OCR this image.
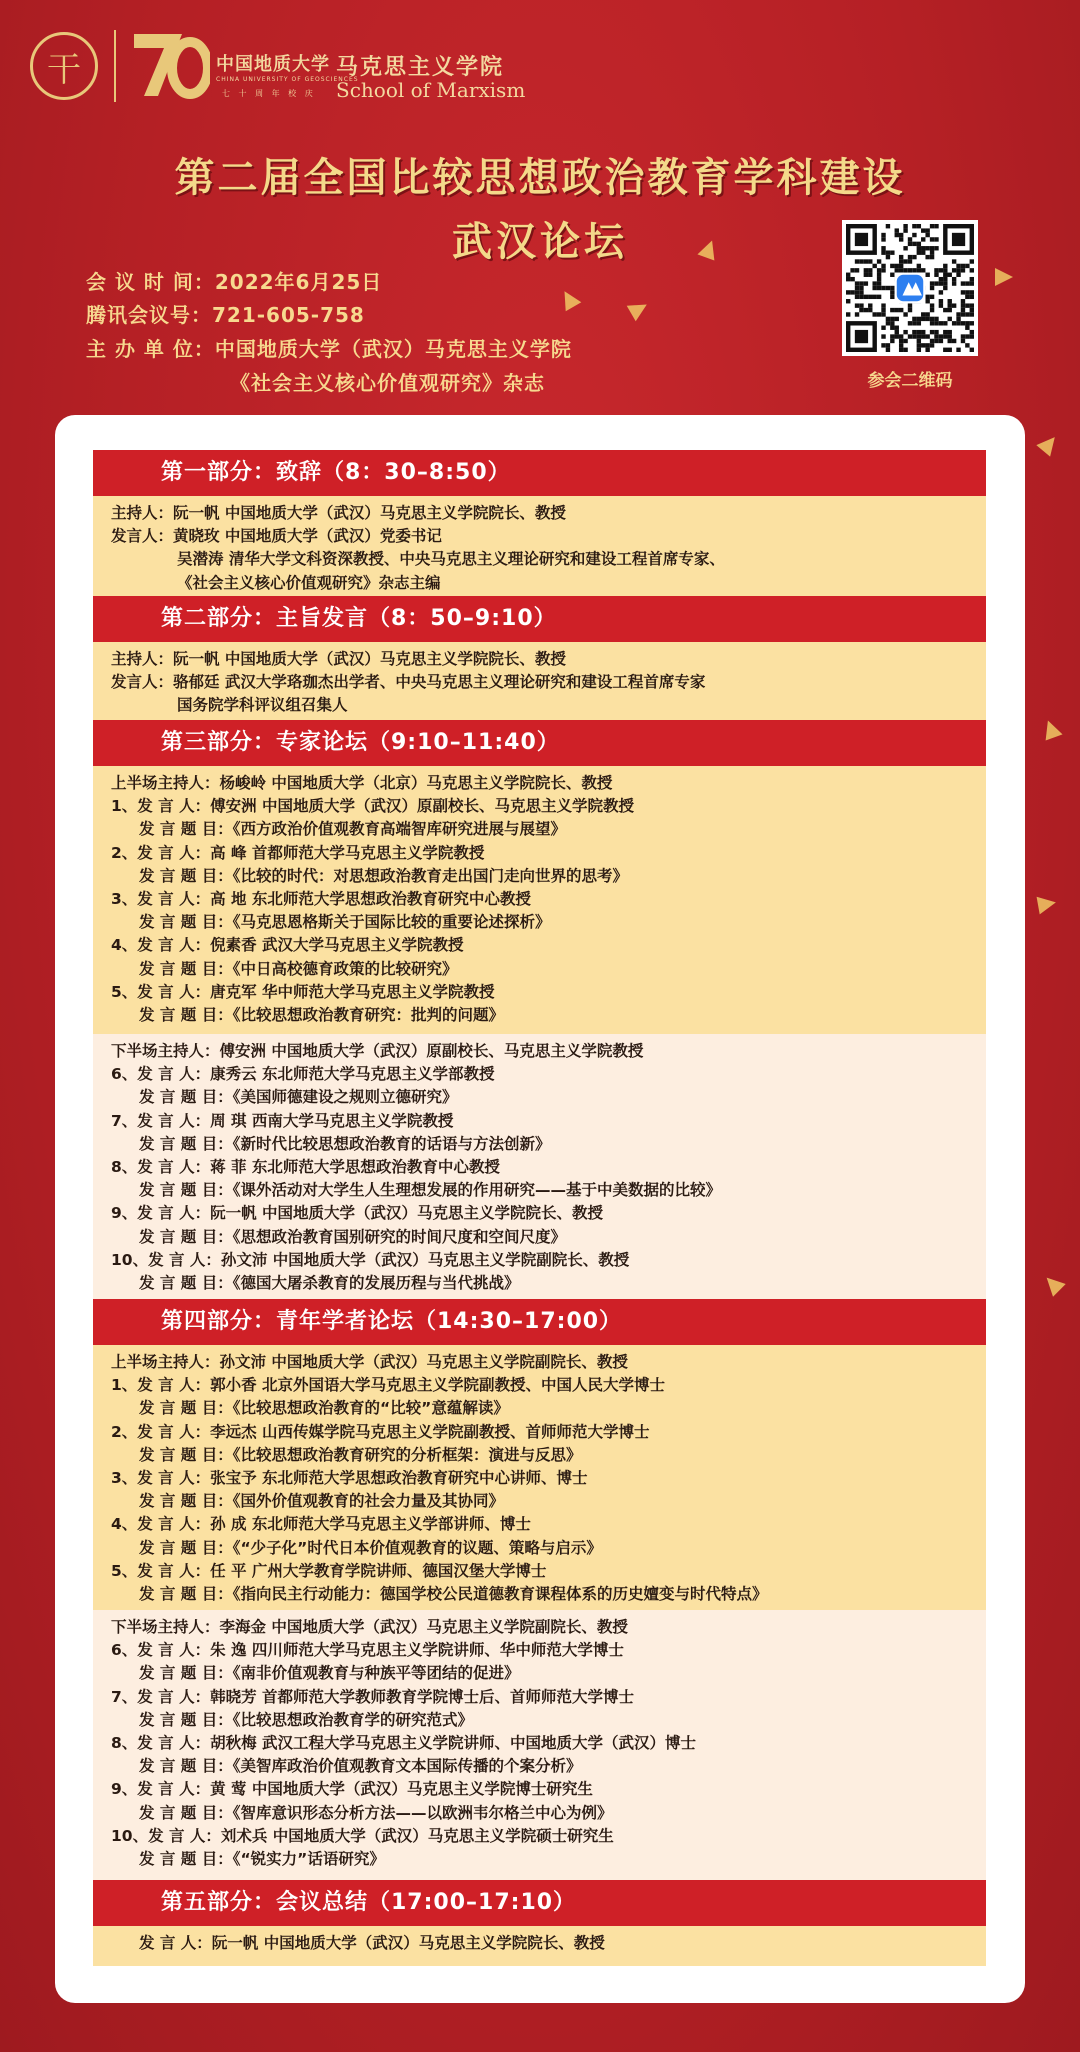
干	中国地质大学
CHINA UNIVERSITY OF GEOSCIENCES
七 十 周 年 校 庆
马克思主义学院
School of Marxism
第二届全国比较思想政治教育学科建设
武汉论坛
会 议 时 间：2022年6月25日
腾讯会议号：721-605-758
主 办 单 位：中国地质大学（武汉）马克思主义学院
《社会主义核心价值观研究》杂志	参会二维码
第一部分：致辞（8：30–8:50）
主持人：阮一帆 中国地质大学（武汉）马克思主义学院院长、教授
发言人：黄晓玫 中国地质大学（武汉）党委书记
吴潜涛 清华大学文科资深教授、中央马克思主义理论研究和建设工程首席专家、
《社会主义核心价值观研究》杂志主编
第二部分：主旨发言（8：50–9:10）
主持人：阮一帆 中国地质大学（武汉）马克思主义学院院长、教授
发言人：骆郁廷 武汉大学珞珈杰出学者、中央马克思主义理论研究和建设工程首席专家
国务院学科评议组召集人
第三部分：专家论坛（9:10–11:40）
上半场主持人：杨峻岭 中国地质大学（北京）马克思主义学院院长、教授
1、发 言 人：傅安洲 中国地质大学（武汉）原副校长、马克思主义学院教授
发 言 题 目：《西方政治价值观教育高端智库研究进展与展望》
2、发 言 人：高 峰 首都师范大学马克思主义学院教授
发 言 题 目：《比较的时代：对思想政治教育走出国门走向世界的思考》
3、发 言 人：高 地 东北师范大学思想政治教育研究中心教授
发 言 题 目：《马克思恩格斯关于国际比较的重要论述探析》
4、发 言 人：倪素香 武汉大学马克思主义学院教授
发 言 题 目：《中日高校德育政策的比较研究》
5、发 言 人：唐克军 华中师范大学马克思主义学院教授
发 言 题 目：《比较思想政治教育研究：批判的问题》
下半场主持人：傅安洲 中国地质大学（武汉）原副校长、马克思主义学院教授
6、发 言 人：康秀云 东北师范大学马克思主义学部教授
发 言 题 目：《美国师德建设之规则立德研究》
7、发 言 人：周 琪 西南大学马克思主义学院教授
发 言 题 目：《新时代比较思想政治教育的话语与方法创新》
8、发 言 人：蒋 菲 东北师范大学思想政治教育中心教授
发 言 题 目：《课外活动对大学生人生理想发展的作用研究——基于中美数据的比较》
9、发 言 人：阮一帆 中国地质大学（武汉）马克思主义学院院长、教授
发 言 题 目：《思想政治教育国别研究的时间尺度和空间尺度》
10、发 言 人：孙文沛 中国地质大学（武汉）马克思主义学院副院长、教授
发 言 题 目：《德国大屠杀教育的发展历程与当代挑战》
第四部分：青年学者论坛（14:30–17:00）
上半场主持人：孙文沛 中国地质大学（武汉）马克思主义学院副院长、教授
1、发 言 人：郭小香 北京外国语大学马克思主义学院副教授、中国人民大学博士
发 言 题 目：《比较思想政治教育的“比较”意蕴解读》
2、发 言 人：李远杰 山西传媒学院马克思主义学院副教授、首师师范大学博士
发 言 题 目：《比较思想政治教育研究的分析框架：演进与反思》
3、发 言 人：张宝予 东北师范大学思想政治教育研究中心讲师、博士
发 言 题 目：《国外价值观教育的社会力量及其协同》
4、发 言 人：孙 成 东北师范大学马克思主义学部讲师、博士
发 言 题 目：《“少子化”时代日本价值观教育的议题、策略与启示》
5、发 言 人：任 平 广州大学教育学院讲师、德国汉堡大学博士
发 言 题 目：《指向民主行动能力：德国学校公民道德教育课程体系的历史嬗变与时代特点》
下半场主持人：李海金 中国地质大学（武汉）马克思主义学院副院长、教授
6、发 言 人：朱 逸 四川师范大学马克思主义学院讲师、华中师范大学博士
发 言 题 目：《南非价值观教育与种族平等团结的促进》
7、发 言 人：韩晓芳 首都师范大学教师教育学院博士后、首师师范大学博士
发 言 题 目：《比较思想政治教育学的研究范式》
8、发 言 人：胡秋梅 武汉工程大学马克思主义学院讲师、中国地质大学（武汉）博士
发 言 题 目：《美智库政治价值观教育文本国际传播的个案分析》
9、发 言 人：黄 莺 中国地质大学（武汉）马克思主义学院博士研究生
发 言 题 目：《智库意识形态分析方法——以欧洲韦尔格兰中心为例》
10、发 言 人：刘术兵 中国地质大学（武汉）马克思主义学院硕士研究生
发 言 题 目：《“锐实力”话语研究》
第五部分：会议总结（17:00–17:10）
发 言 人：阮一帆 中国地质大学（武汉）马克思主义学院院长、教授
